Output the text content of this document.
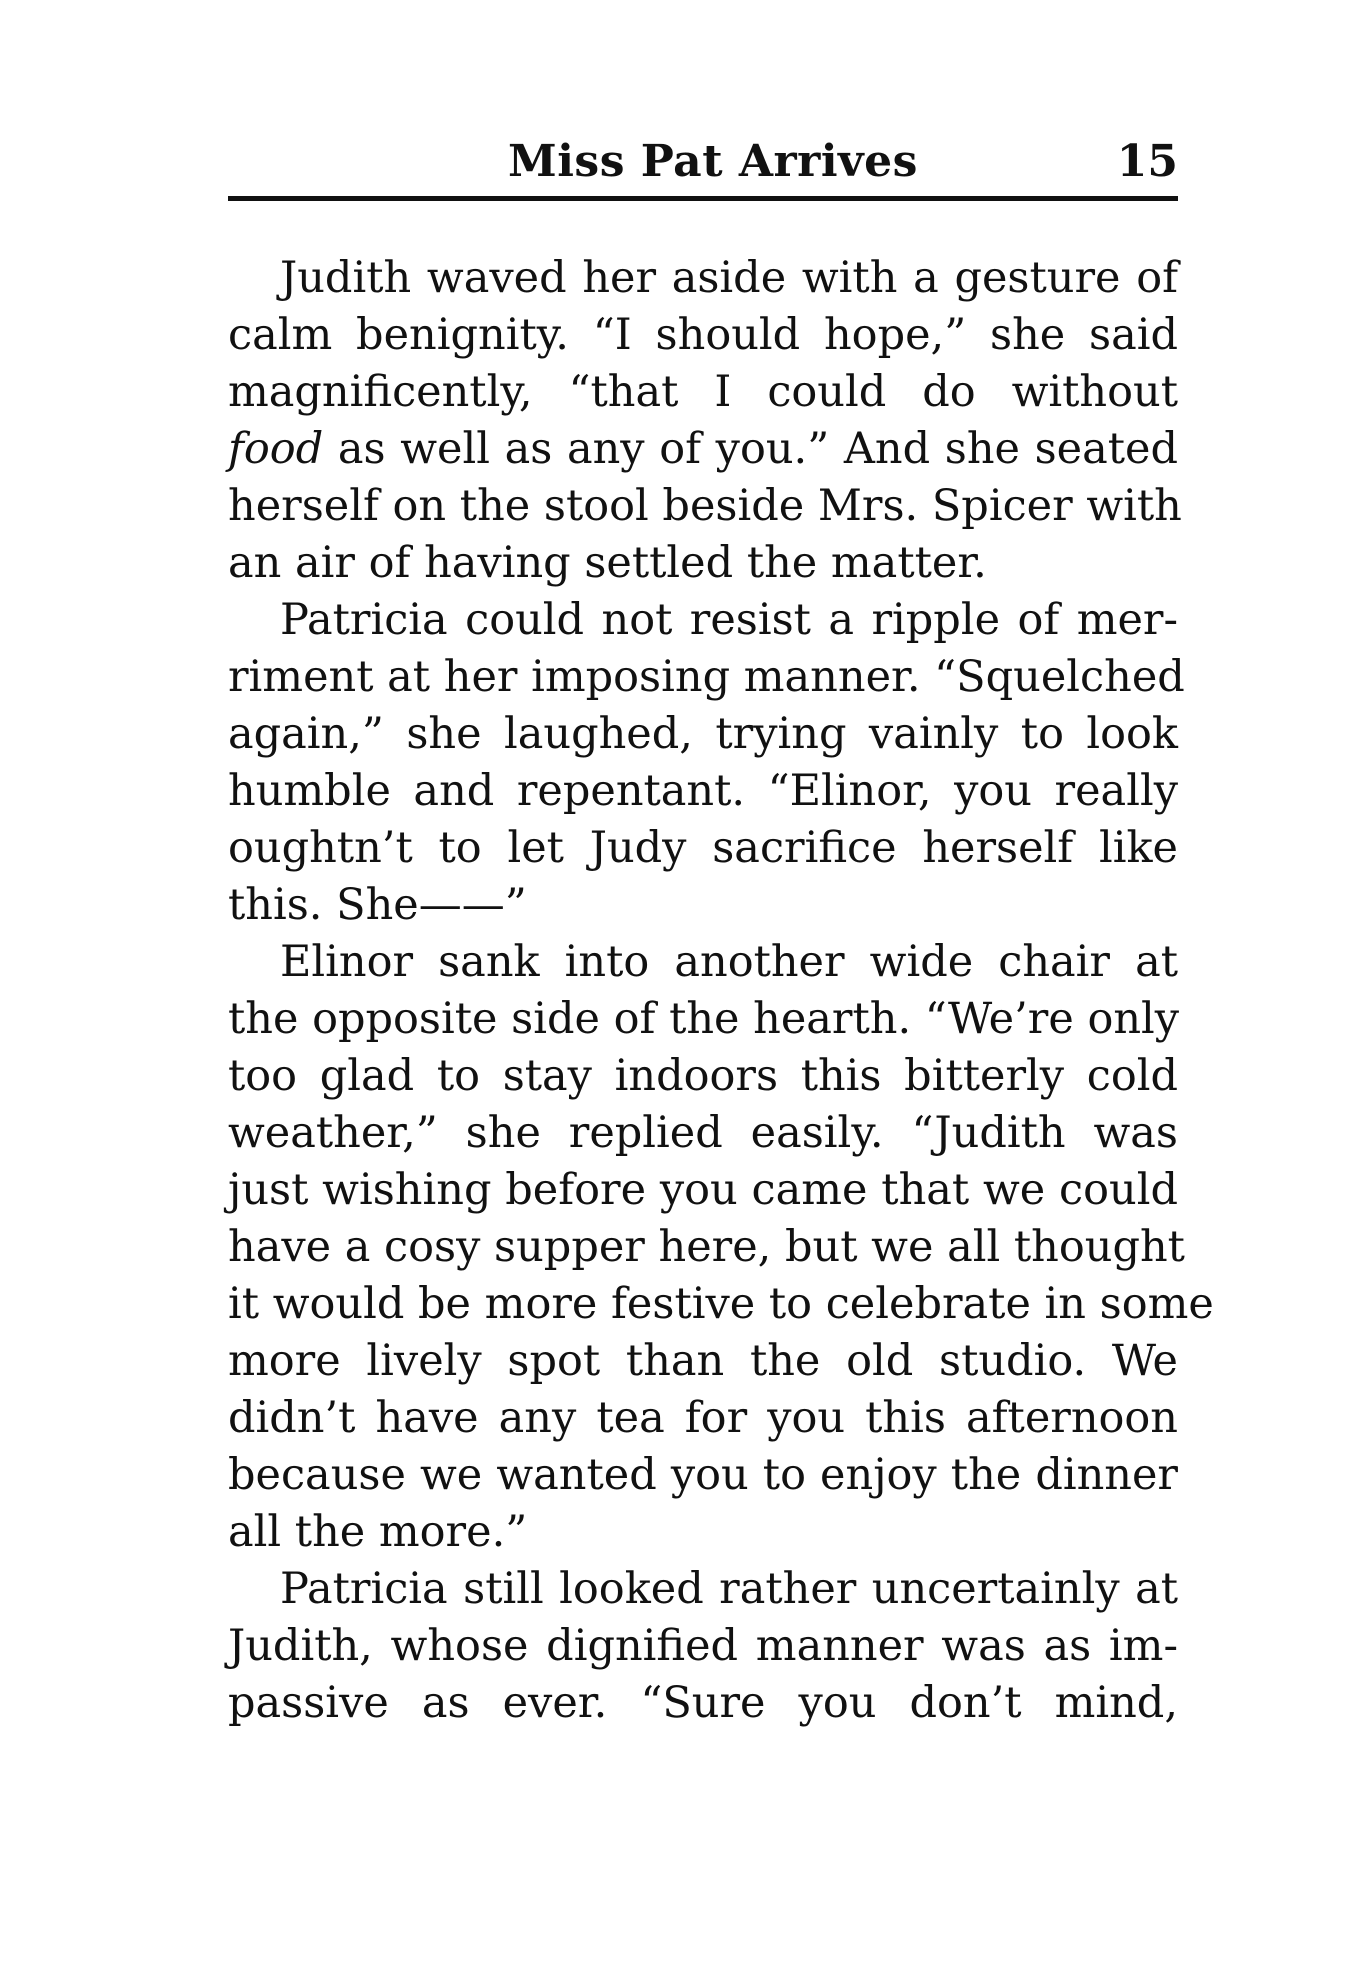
Miss Pat Arrives	15
Judith waved her aside with a gesture of
calm benignity. “I should hope,” she said
magnificently, “that I could do without
food as well as any of you.” And she seated
herself on the stool beside Mrs. Spicer with
an air of having settled the matter.
Patricia could not resist a ripple of mer-
riment at her imposing manner. “Squelched
again,” she laughed, trying vainly to look
humble and repentant. “Elinor, you really
oughtn’t to let Judy sacrifice herself like
this. She——”
Elinor sank into another wide chair at
the opposite side of the hearth. “We’re only
too glad to stay indoors this bitterly cold
weather,” she replied easily. “Judith was
just wishing before you came that we could
have a cosy supper here, but we all thought
it would be more festive to celebrate in some
more lively spot than the old studio. We
didn’t have any tea for you this afternoon
because we wanted you to enjoy the dinner
all the more.”
Patricia still looked rather uncertainly at
Judith, whose dignified manner was as im-
passive as ever. “Sure you don’t mind,
